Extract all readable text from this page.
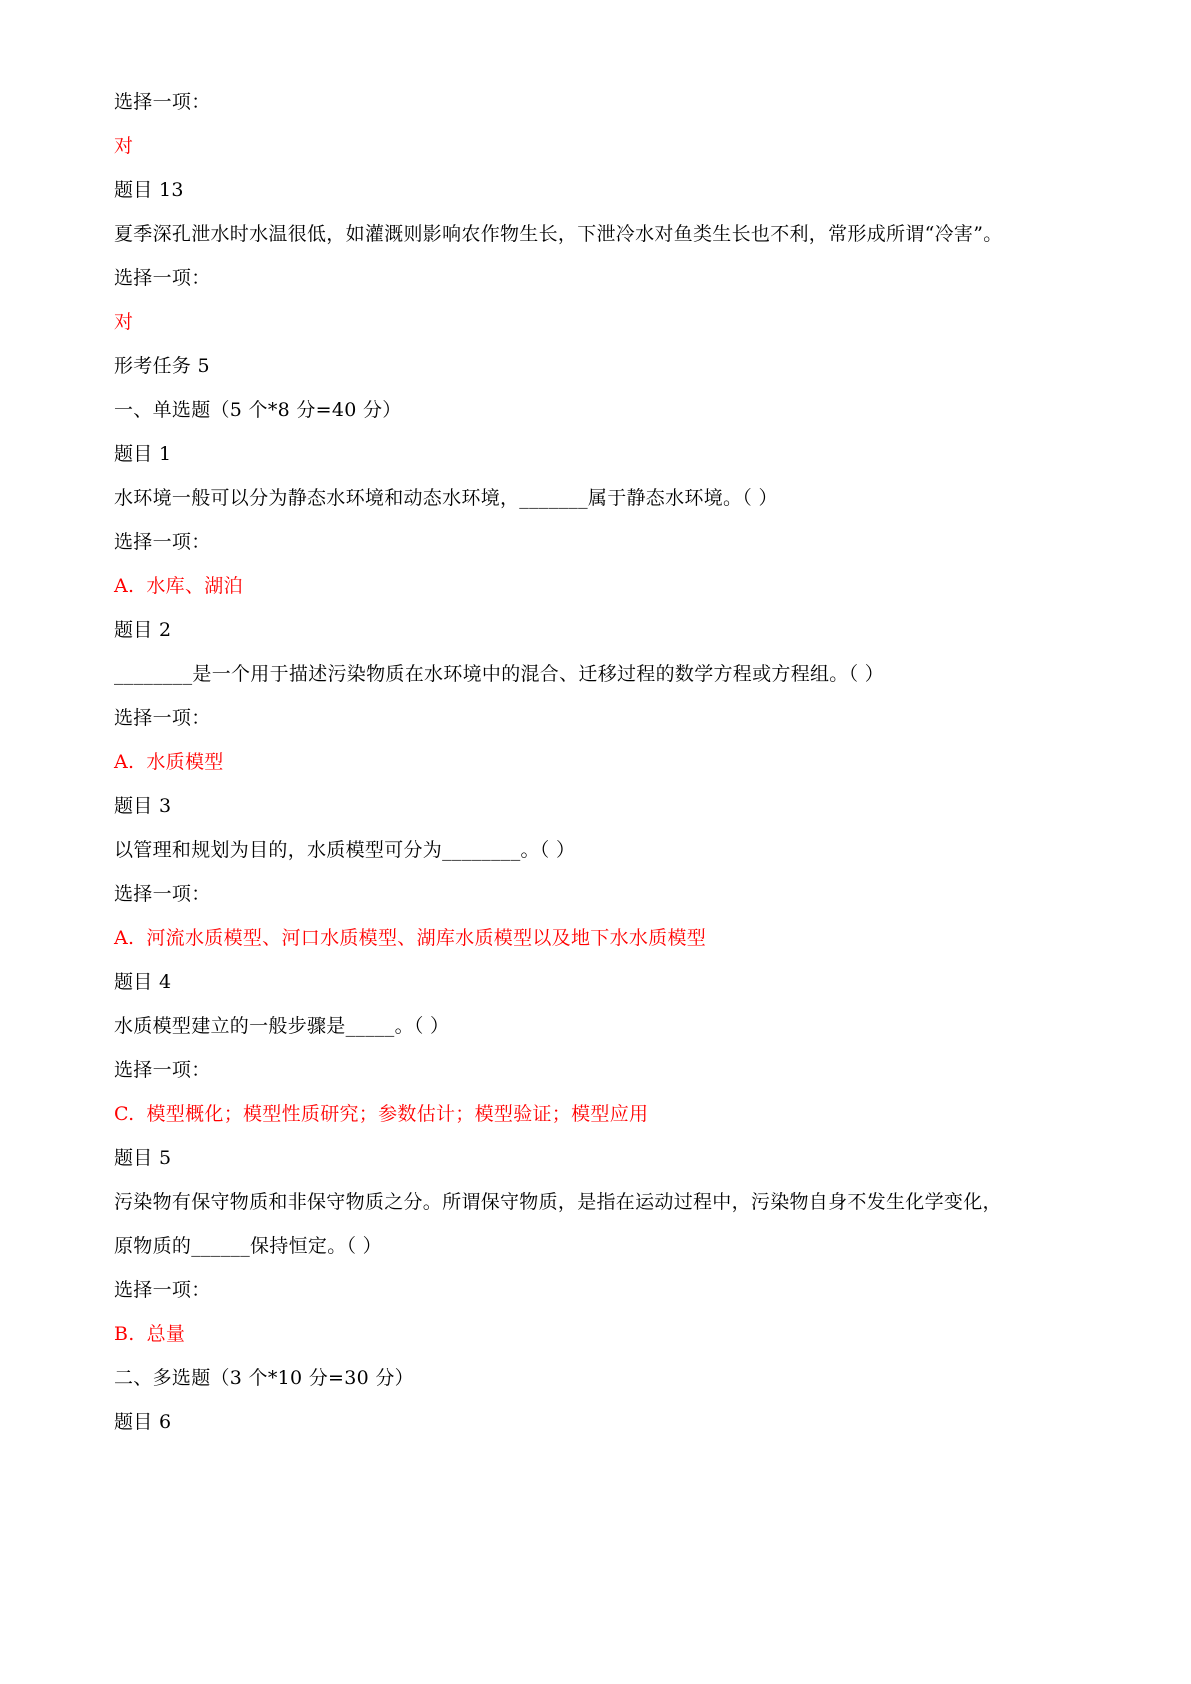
选择一项：
对
题目 13
夏季深孔泄水时水温很低，如灌溉则影响农作物生长，下泄冷水对鱼类生长也不利，常形成所谓“冷害”。
选择一项：
对
形考任务 5
一、单选题（5 个*8 分=40 分）
题目 1
水环境一般可以分为静态水环境和动态水环境，_______属于静态水环境。（ ）
选择一项：
A. 水库、湖泊
题目 2
________是一个用于描述污染物质在水环境中的混合、迁移过程的数学方程或方程组。（ ）
选择一项：
A. 水质模型
题目 3
以管理和规划为目的，水质模型可分为________。（ ）
选择一项：
A. 河流水质模型、河口水质模型、湖库水质模型以及地下水水质模型
题目 4
水质模型建立的一般步骤是_____。（ ）
选择一项：
C. 模型概化；模型性质研究；参数估计；模型验证；模型应用
题目 5
污染物有保守物质和非保守物质之分。所谓保守物质，是指在运动过程中，污染物自身不发生化学变化，
原物质的______保持恒定。（ ）
选择一项：
B. 总量
二、多选题（3 个*10 分=30 分）
题目 6
